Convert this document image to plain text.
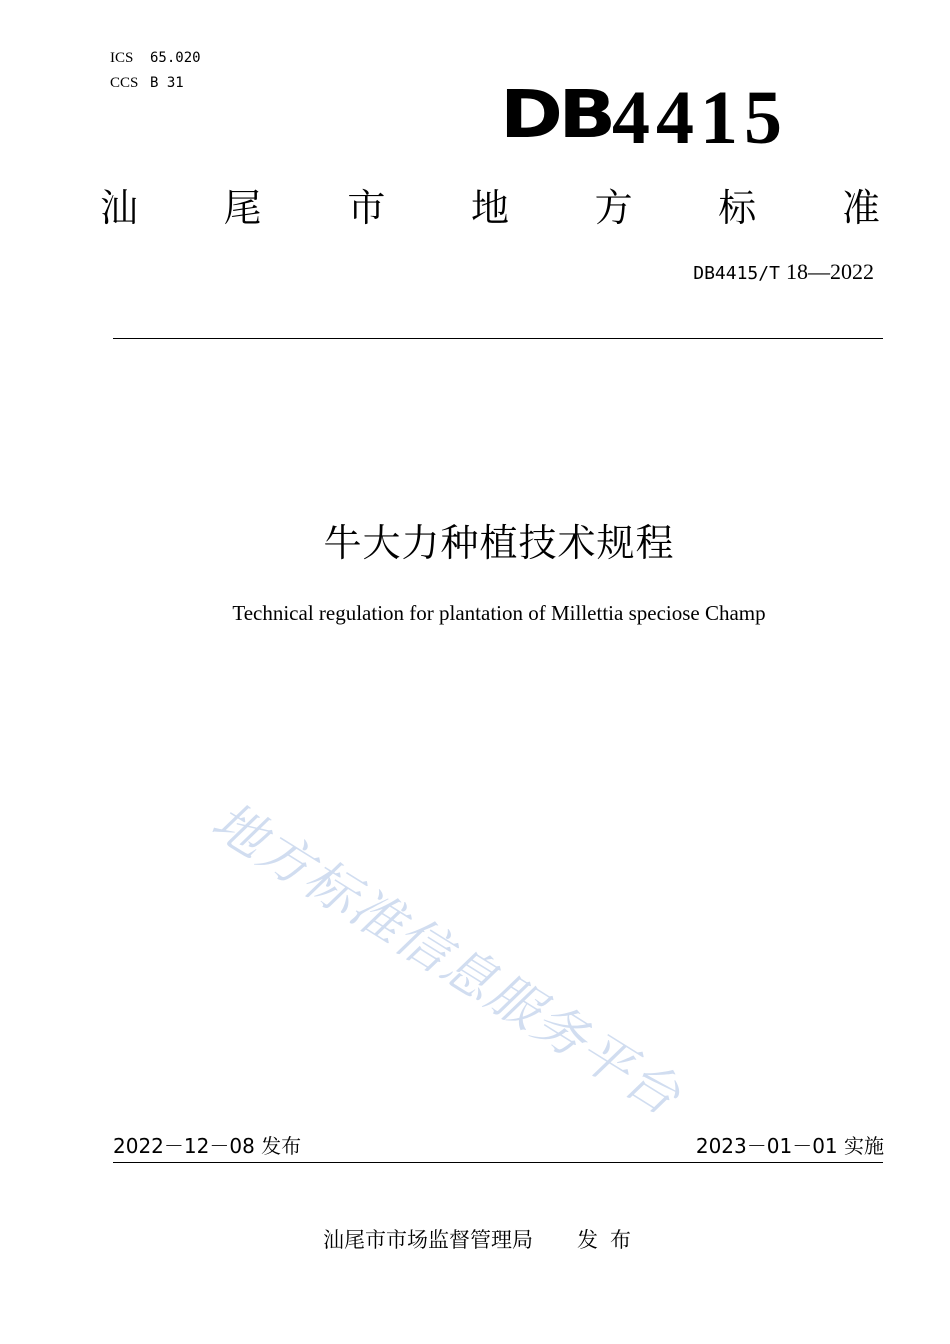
ICS 65.020
CCS B 31	DB 4415
汕 尾 市 地 方 标 准
DB4415/T 18—2022
牛大力种植技术规程
Technical regulation for plantation of Millettia speciose Champ
地方标准信息服务平台
2022－12－08 发布	2023－01－01 实施
汕尾市市场监督管理局 发布
